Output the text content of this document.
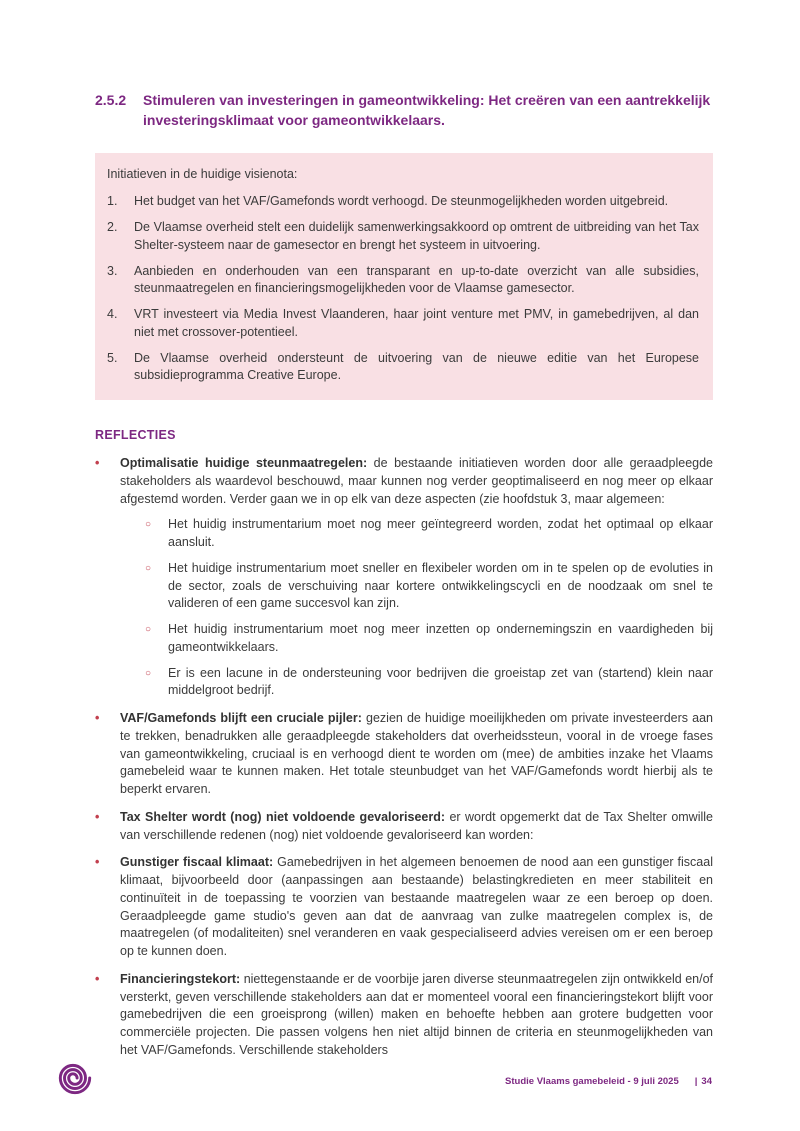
2.5.2	Stimuleren van investeringen in gameontwikkeling: Het creëren van een aantrekkelijk investeringsklimaat voor gameontwikkelaars.

Initiatieven in de huidige visienota:

1.	Het budget van het VAF/Gamefonds wordt verhoogd. De steunmogelijkheden worden uitgebreid.
2.	De Vlaamse overheid stelt een duidelijk samenwerkingsakkoord op omtrent de uitbreiding van het Tax Shelter-systeem naar de gamesector en brengt het systeem in uitvoering.
3.	Aanbieden en onderhouden van een transparant en up-to-date overzicht van alle subsidies, steunmaatregelen en financieringsmogelijkheden voor de Vlaamse gamesector.
4.	VRT investeert via Media Invest Vlaanderen, haar joint venture met PMV, in gamebedrijven, al dan niet met crossover-potentieel.
5.	De Vlaamse overheid ondersteunt de uitvoering van de nieuwe editie van het Europese subsidieprogramma Creative Europe.
REFLECTIES
•	Optimalisatie huidige steunmaatregelen: de bestaande initiatieven worden door alle geraadpleegde stakeholders als waardevol beschouwd, maar kunnen nog verder geoptimaliseerd en nog meer op elkaar afgestemd worden. Verder gaan we in op elk van deze aspecten (zie hoofdstuk 3, maar algemeen:

○	Het huidig instrumentarium moet nog meer geïntegreerd worden, zodat het optimaal op elkaar aansluit.
○	Het huidige instrumentarium moet sneller en flexibeler worden om in te spelen op de evoluties in de sector, zoals de verschuiving naar kortere ontwikkelingscycli en de noodzaak om snel te valideren of een game succesvol kan zijn.
○	Het huidig instrumentarium moet nog meer inzetten op ondernemingszin en vaardigheden bij gameontwikkelaars.
○	Er is een lacune in de ondersteuning voor bedrijven die groeistap zet van (startend) klein naar middelgroot bedrijf.
•	VAF/Gamefonds blijft een cruciale pijler: gezien de huidige moeilijkheden om private investeerders aan te trekken, benadrukken alle geraadpleegde stakeholders dat overheidssteun, vooral in de vroege fases van gameontwikkeling, cruciaal is en verhoogd dient te worden om (mee) de ambities inzake het Vlaams gamebeleid waar te kunnen maken. Het totale steunbudget van het VAF/Gamefonds wordt hierbij als te beperkt ervaren.

•	Tax Shelter wordt (nog) niet voldoende gevaloriseerd: er wordt opgemerkt dat de Tax Shelter omwille van verschillende redenen (nog) niet voldoende gevaloriseerd kan worden:

•	Gunstiger fiscaal klimaat: Gamebedrijven in het algemeen benoemen de nood aan een gunstiger fiscaal klimaat, bijvoorbeeld door (aanpassingen aan bestaande) belastingkredieten en meer stabiliteit en continuïteit in de toepassing te voorzien van bestaande maatregelen waar ze een beroep op doen. Geraadpleegde game studio's geven aan dat de aanvraag van zulke maatregelen complex is, de maatregelen (of modaliteiten) snel veranderen en vaak gespecialiseerd advies vereisen om er een beroep op te kunnen doen.

•	Financieringstekort: niettegenstaande er de voorbije jaren diverse steunmaatregelen zijn ontwikkeld en/of versterkt, geven verschillende stakeholders aan dat er momenteel vooral een financieringstekort blijft voor gamebedrijven die een groeisprong (willen) maken en behoefte hebben aan grotere budgetten voor commerciële projecten. Die passen volgens hen niet altijd binnen de criteria en steunmogelijkheden van het VAF/Gamefonds. Verschillende stakeholders

Studie Vlaams gamebeleid - 9 juli 2025 | 34
